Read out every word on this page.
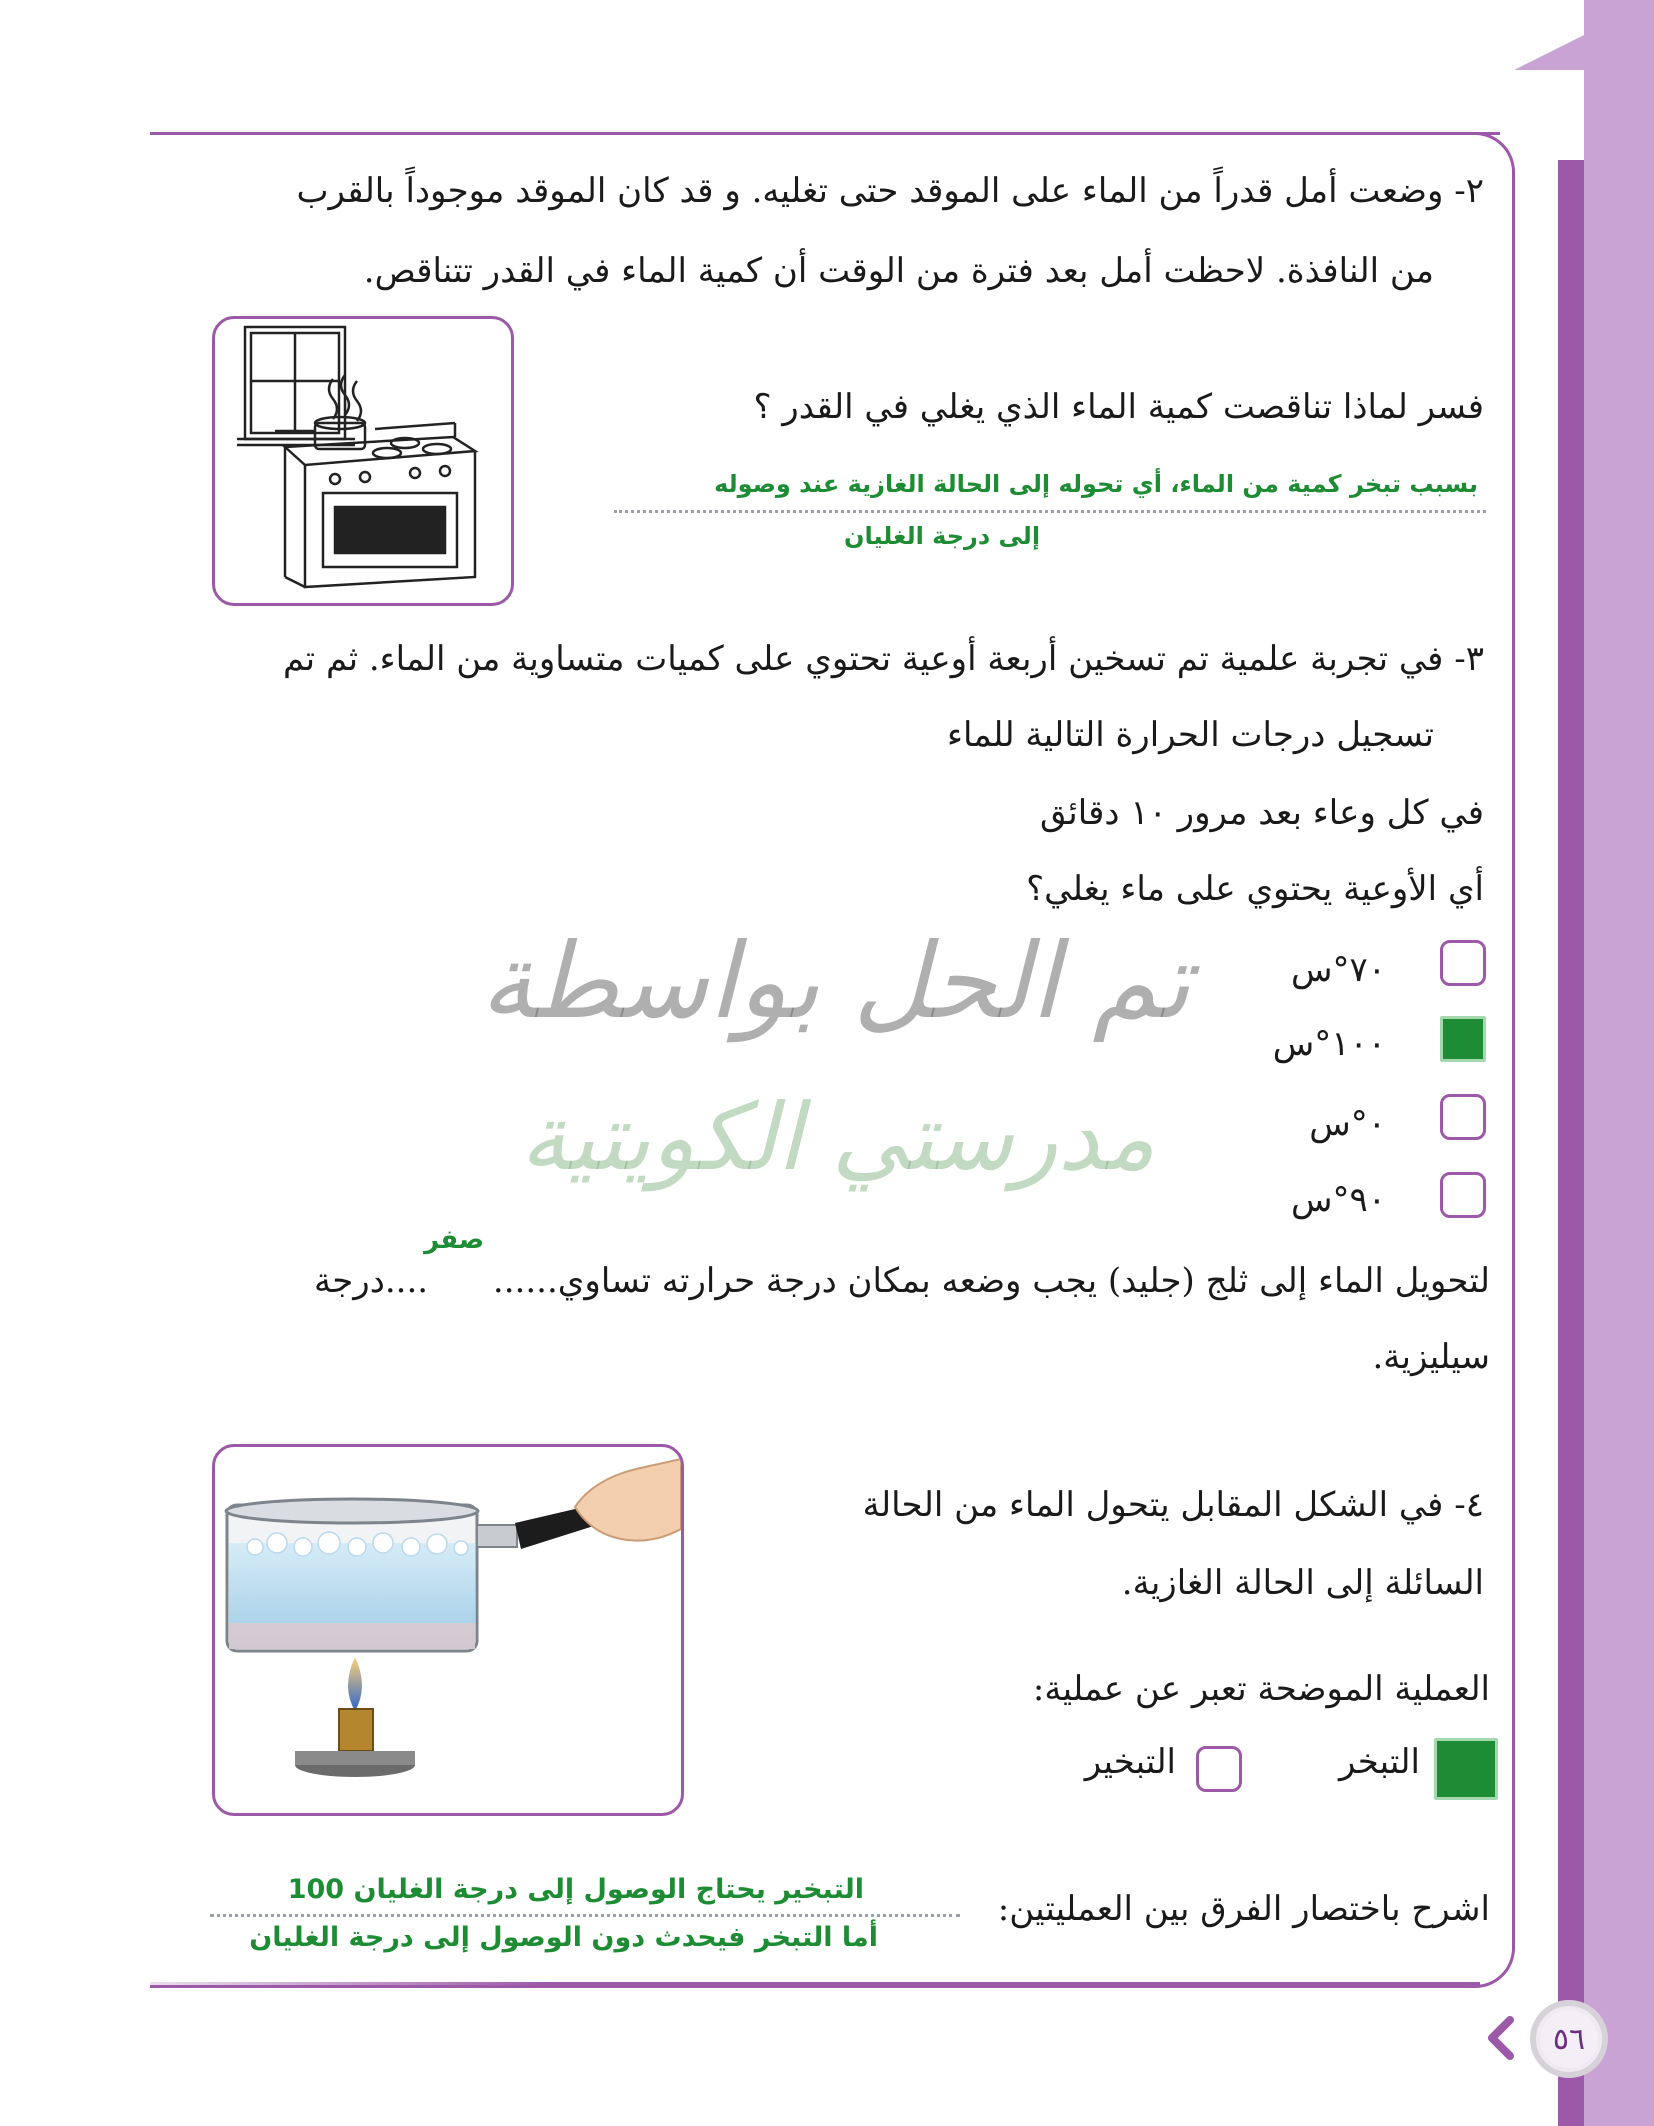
٢- وضعت أمل قدراً من الماء على الموقد حتى تغليه. و قد كان الموقد موجوداً بالقرب
من النافذة. لاحظت أمل بعد فترة من الوقت أن كمية الماء في القدر تتناقص.
فسر لماذا تناقصت كمية الماء الذي يغلي في القدر ؟
بسبب تبخر كمية من الماء، أي تحوله إلى الحالة الغازية عند وصوله
إلى درجة الغليان
٣- في تجربة علمية تم تسخين أربعة أوعية تحتوي على كميات متساوية من الماء. ثم تم
تسجيل درجات الحرارة التالية للماء
في كل وعاء بعد مرور ١٠ دقائق
أي الأوعية يحتوي على ماء يغلي؟
٧٠°س
١٠٠°س
٠°س
٩٠°س
تم الحل بواسطة
مدرستي الكويتية
لتحويل الماء إلى ثلج (جليد) يجب وضعه بمكان درجة حرارته تساوي......
صفر
....درجة
سيليزية.
٤- في الشكل المقابل يتحول الماء من الحالة
السائلة إلى الحالة الغازية.
العملية الموضحة تعبر عن عملية:
التبخر
التبخير
اشرح باختصار الفرق بين العمليتين:
التبخير يحتاج الوصول إلى درجة الغليان 100
أما التبخر فيحدث دون الوصول إلى درجة الغليان
٥٦
